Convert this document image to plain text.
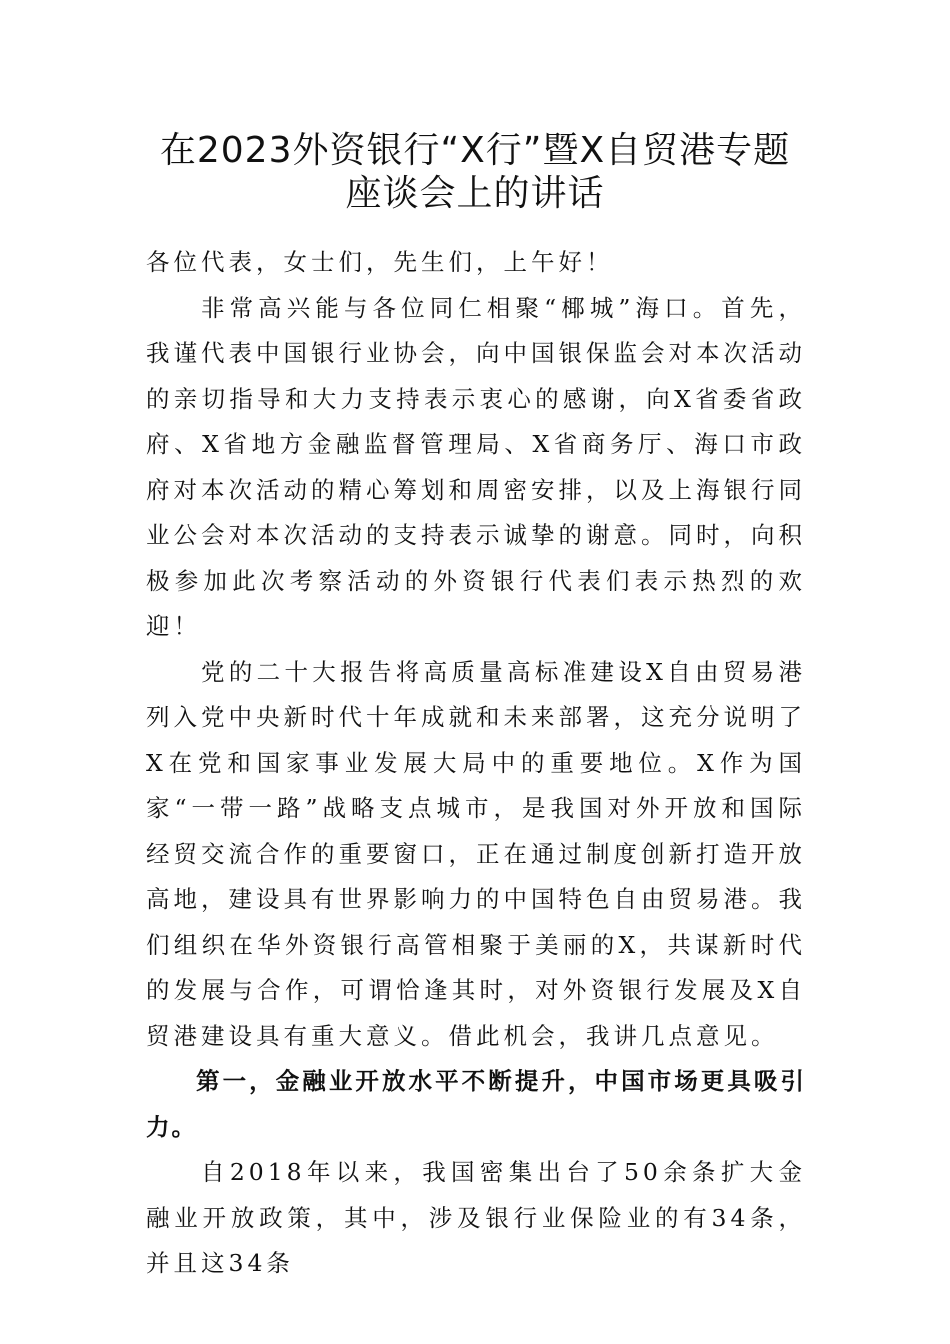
在2023外资银行“X行”暨X自贸港专题
座谈会上的讲话

各位代表，女士们，先生们，上午好！

非常高兴能与各位同仁相聚“椰城”海口。首先，我谨代表中国银行业协会，向中国银保监会对本次活动的亲切指导和大力支持表示衷心的感谢，向X省委省政府、X省地方金融监督管理局、X省商务厅、海口市政府对本次活动的精心筹划和周密安排，以及上海银行同业公会对本次活动的支持表示诚挚的谢意。同时，向积极参加此次考察活动的外资银行代表们表示热烈的欢迎！

党的二十大报告将高质量高标准建设X自由贸易港列入党中央新时代十年成就和未来部署，这充分说明了X在党和国家事业发展大局中的重要地位。X作为国家“一带一路”战略支点城市，是我国对外开放和国际经贸交流合作的重要窗口，正在通过制度创新打造开放高地，建设具有世界影响力的中国特色自由贸易港。我们组织在华外资银行高管相聚于美丽的X，共谋新时代的发展与合作，可谓恰逢其时，对外资银行发展及X自贸港建设具有重大意义。借此机会，我讲几点意见。

第一，金融业开放水平不断提升，中国市场更具吸引力。

自2018年以来，我国密集出台了50余条扩大金融业开放政策，其中，涉及银行业保险业的有34条，并且这34条
